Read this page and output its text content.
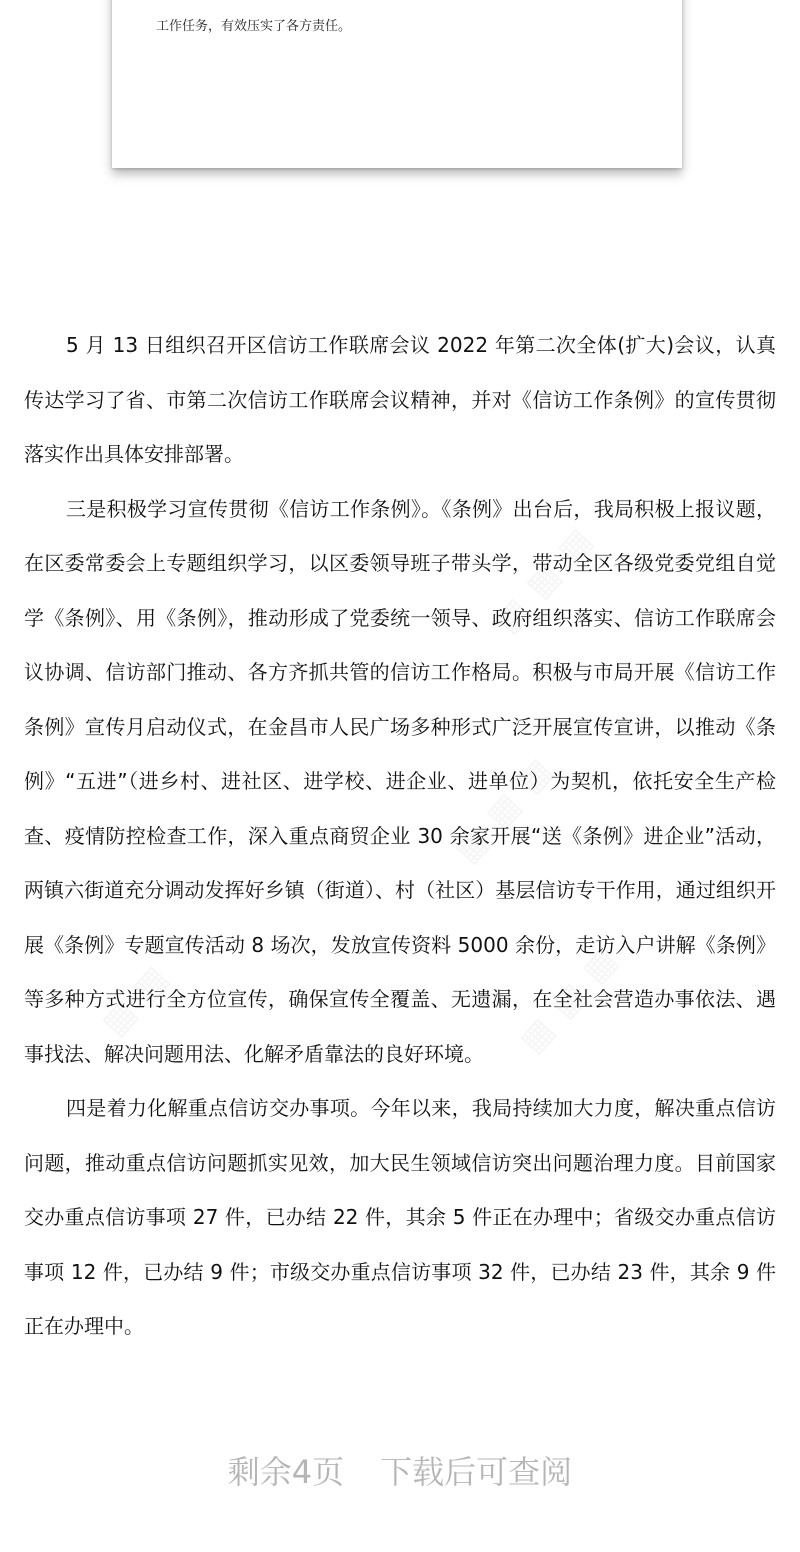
工作任务，有效压实了各方责任。

5 月 13 日组织召开区信访工作联席会议 2022 年第二次全体(扩大)会议，认真传达学习了省、市第二次信访工作联席会议精神，并对《信访工作条例》的宣传贯彻落实作出具体安排部署。

三是积极学习宣传贯彻《信访工作条例》。《条例》出台后，我局积极上报议题，在区委常委会上专题组织学习，以区委领导班子带头学，带动全区各级党委党组自觉学《条例》、用《条例》，推动形成了党委统一领导、政府组织落实、信访工作联席会议协调、信访部门推动、各方齐抓共管的信访工作格局。积极与市局开展《信访工作条例》宣传月启动仪式，在金昌市人民广场多种形式广泛开展宣传宣讲，以推动《条例》“五进”（进乡村、进社区、进学校、进企业、进单位）为契机，依托安全生产检查、疫情防控检查工作，深入重点商贸企业 30 余家开展“送《条例》进企业”活动，两镇六街道充分调动发挥好乡镇（街道）、村（社区）基层信访专干作用，通过组织开展《条例》专题宣传活动 8 场次，发放宣传资料 5000 余份，走访入户讲解《条例》等多种方式进行全方位宣传，确保宣传全覆盖、无遗漏，在全社会营造办事依法、遇事找法、解决问题用法、化解矛盾靠法的良好环境。

四是着力化解重点信访交办事项。今年以来，我局持续加大力度，解决重点信访问题，推动重点信访问题抓实见效，加大民生领域信访突出问题治理力度。目前国家交办重点信访事项 27 件，已办结 22 件，其余 5 件正在办理中；省级交办重点信访事项 12 件，已办结 9 件；市级交办重点信访事项 32 件，已办结 23 件，其余 9 件正在办理中。

剩余4页 下载后可查阅
